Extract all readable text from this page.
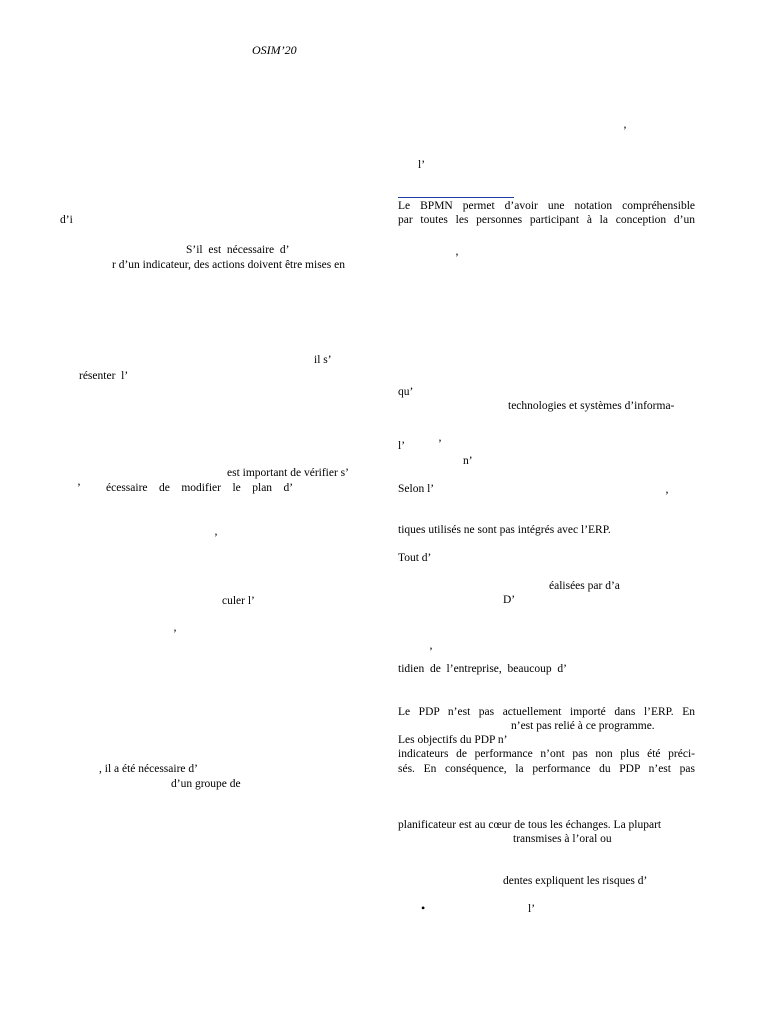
OSIM’20
d’i
S’il  est  nécessaire  d’
r d’un indicateur, des actions doivent être mises en
il s’
résenter  l’
est important de vérifier s’
’ écessaire    de    modifier    le    plan    d’
’
culer l’
’
, il a été nécessaire d’
d’un groupe de
’
l’
Le BPMN permet d’avoir une notation compréhensible
par toutes les personnes participant à la conception d’un
’
qu’
technologies et systèmes d’informa-
l’	’
n’
Selon l’
’
tiques utilisés ne sont pas intégrés avec l’ERP.
Tout d’
éalisées par d’a
D’
’
tidien  de  l’entreprise,  beaucoup  d’
Le PDP n’est pas actuellement importé dans l’ERP. En
n’est pas relié à ce programme.
Les objectifs du PDP n’
indicateurs de performance n’ont pas non plus été préci-
sés. En conséquence, la performance du PDP n’est pas
planificateur est au cœur de tous les échanges. La plupart
transmises à l’oral ou
dentes expliquent les risques d’
•	l’
